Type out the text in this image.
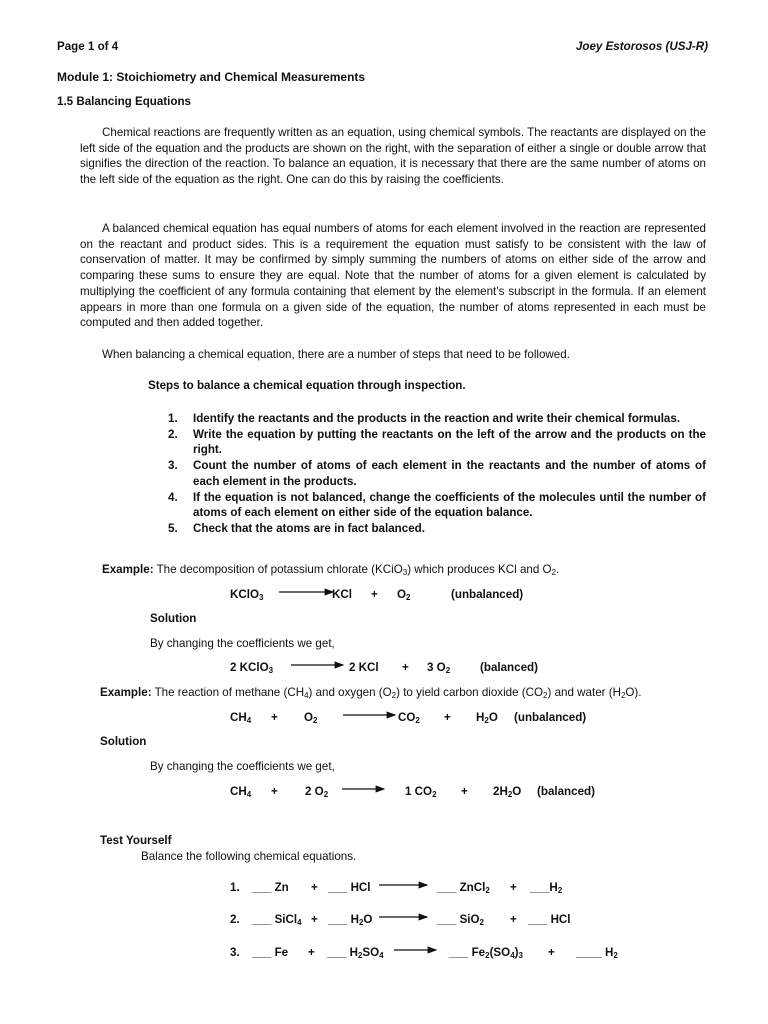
Page 1 of 4	Joey Estorosos (USJ-R)
Module 1: Stoichiometry and Chemical Measurements
1.5 Balancing Equations
Chemical reactions are frequently written as an equation, using chemical symbols. The reactants are displayed on the left side of the equation and the products are shown on the right, with the separation of either a single or double arrow that signifies the direction of the reaction. To balance an equation, it is necessary that there are the same number of atoms on the left side of the equation as the right. One can do this by raising the coefficients.
A balanced chemical equation has equal numbers of atoms for each element involved in the reaction are represented on the reactant and product sides. This is a requirement the equation must satisfy to be consistent with the law of conservation of matter. It may be confirmed by simply summing the numbers of atoms on either side of the arrow and comparing these sums to ensure they are equal. Note that the number of atoms for a given element is calculated by multiplying the coefficient of any formula containing that element by the element’s subscript in the formula. If an element appears in more than one formula on a given side of the equation, the number of atoms represented in each must be computed and then added together.
When balancing a chemical equation, there are a number of steps that need to be followed.
Steps to balance a chemical equation through inspection.
1. Identify the reactants and the products in the reaction and write their chemical formulas.
2. Write the equation by putting the reactants on the left of the arrow and the products on the right.
3. Count the number of atoms of each element in the reactants and the number of atoms of each element in the products.
4. If the equation is not balanced, change the coefficients of the molecules until the number of atoms of each element on either side of the equation balance.
5. Check that the atoms are in fact balanced.
Example: The decomposition of potassium chlorate (KCiO$_3$) which produces KCl and $O_2$.
KClO$_3$	KCl + $O_2$	(unbalanced)
Solution
By changing the coefficients we get,
2 KClO$_3$	2 KCl + 3 $O_2$	(balanced)
Example: The reaction of methane $(CH_4)$ and oxygen $(O_2)$ to yield carbon dioxide $(CO_2)$ and water $(H_2O)$.
$CH_4 + O_2$	$CO_2 + H_2O$ (unbalanced)
Solution
By changing the coefficients we get,
$CH_4 + 2$ $O_2 \to 1$ $CO_2 + 2H_2O$ (balanced)
Test Yourself
Balance the following chemical equations.
1. ___ Zn + ___ HCl	___ ZnCl$_2$ + $\_\_\_H_2$
2. ___ SiCl$_4$ + ___ $H_2O$	___ SiO$_2$ + ___ HCl
3. ___ Fe + ___ $H_2SO_4$ → ___ $Fe_2(SO_4)_3$ + ____ $H_2$
